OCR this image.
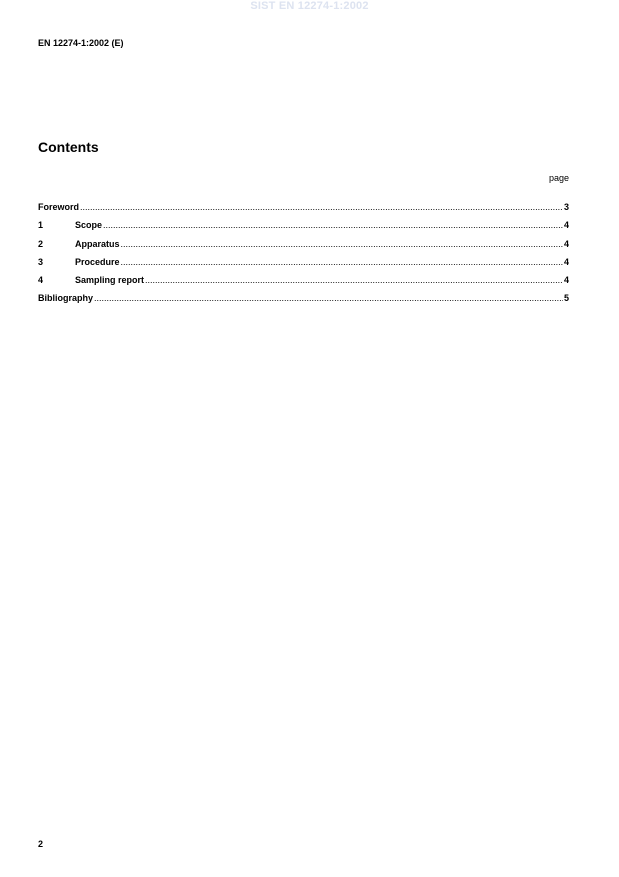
SIST EN 12274-1:2002
EN 12274-1:2002 (E)
Contents
page
Foreword .....	3
1	Scope .....	4
2	Apparatus .....	4
3	Procedure .....	4
4	Sampling report .....	4
Bibliography .....	5
2
